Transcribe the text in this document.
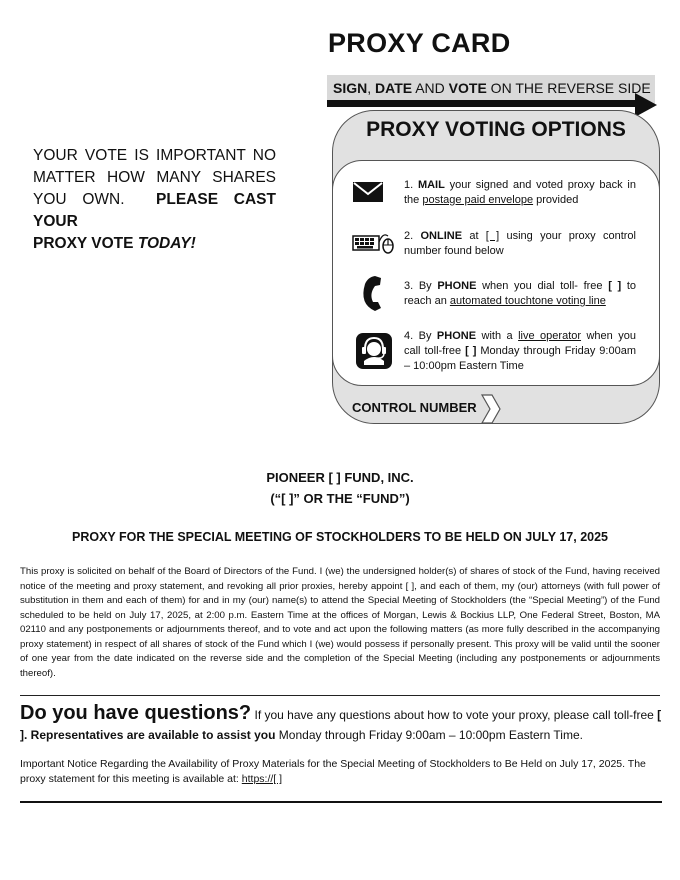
PROXY CARD
SIGN, DATE AND VOTE ON THE REVERSE SIDE
YOUR VOTE IS IMPORTANT NO
MATTER HOW MANY SHARES
YOU OWN. PLEASE CAST YOUR
PROXY VOTE TODAY!
PROXY VOTING OPTIONS
1. MAIL your signed and voted proxy back in the postage paid envelope provided
2. ONLINE at [ ] using your proxy control number found below
3. By PHONE when you dial toll- free [ ] to reach an automated touchtone voting line
4. By PHONE with a live operator when you call toll-free [ ] Monday through Friday 9:00am – 10:00pm Eastern Time
CONTROL NUMBER
PIONEER [ ] FUND, INC.
(“[ ]” OR THE “FUND”)
PROXY FOR THE SPECIAL MEETING OF STOCKHOLDERS TO BE HELD ON JULY 17, 2025
This proxy is solicited on behalf of the Board of Directors of the Fund. I (we) the undersigned holder(s) of shares of stock of the Fund, having received notice of the meeting and proxy statement, and revoking all prior proxies, hereby appoint [ ], and each of them, my (our) attorneys (with full power of substitution in them and each of them) for and in my (our) name(s) to attend the Special Meeting of Stockholders (the “Special Meeting”) of the Fund scheduled to be held on July 17, 2025, at 2:00 p.m. Eastern Time at the offices of Morgan, Lewis & Bockius LLP, One Federal Street, Boston, MA 02110 and any postponements or adjournments thereof, and to vote and act upon the following matters (as more fully described in the accompanying proxy statement) in respect of all shares of stock of the Fund which I (we) would possess if personally present. This proxy will be valid until the sooner of one year from the date indicated on the reverse side and the completion of the Special Meeting (including any postponements or adjournments thereof).
Do you have questions? If you have any questions about how to vote your proxy, please call toll-free [ ]. Representatives are available to assist you Monday through Friday 9:00am – 10:00pm Eastern Time.
Important Notice Regarding the Availability of Proxy Materials for the Special Meeting of Stockholders to Be Held on July 17, 2025. The proxy statement for this meeting is available at: https://[ ]
